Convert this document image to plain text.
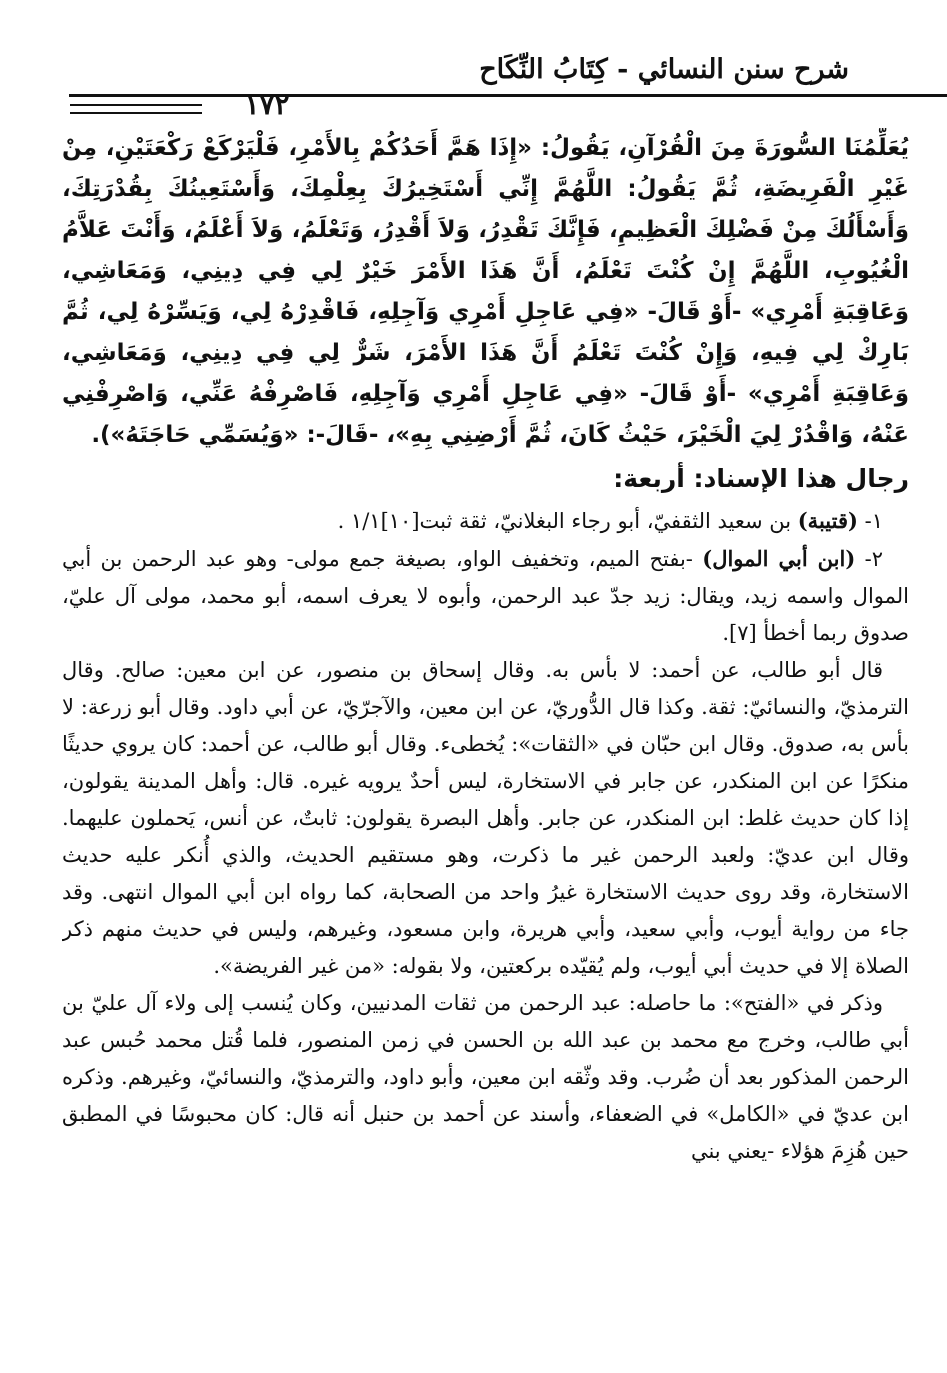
شرح سنن النسائي - كِتَابُ النِّكَاح
١٧٢

يُعَلِّمُنَا السُّورَةَ مِنَ الْقُرْآنِ، يَقُولُ: «إِذَا هَمَّ أَحَدُكُمْ بِالأَمْرِ، فَلْيَرْكَعْ رَكْعَتَيْنِ، مِنْ غَيْرِ الْفَرِيضَةِ، ثُمَّ يَقُولُ: اللَّهُمَّ إِنِّي أَسْتَخِيرُكَ بِعِلْمِكَ، وَأَسْتَعِينُكَ بِقُدْرَتِكَ، وَأَسْأَلُكَ مِنْ فَضْلِكَ الْعَظِيمِ، فَإِنَّكَ تَقْدِرُ، وَلاَ أَقْدِرُ، وَتَعْلَمُ، وَلاَ أَعْلَمُ، وَأَنْتَ عَلاَّمُ الْغُيُوبِ، اللَّهُمَّ إِنْ كُنْتَ تَعْلَمُ، أَنَّ هَذَا الأَمْرَ خَيْرٌ لِي فِي دِينِي، وَمَعَاشِي، وَعَاقِبَةِ أَمْرِي» -أَوْ قَالَ- «فِي عَاجِلِ أَمْرِي وَآجِلِهِ، فَاقْدِرْهُ لِي، وَيَسِّرْهُ لِي، ثُمَّ بَارِكْ لِي فِيهِ، وَإِنْ كُنْتَ تَعْلَمُ أَنَّ هَذَا الأَمْرَ، شَرٌّ لِي فِي دِينِي، وَمَعَاشِي، وَعَاقِبَةِ أَمْرِي» -أَوْ قَالَ- «فِي عَاجِلِ أَمْرِي وَآجِلِهِ، فَاصْرِفْهُ عَنِّي، وَاصْرِفْنِي عَنْهُ، وَاقْدُرْ لِيَ الْخَيْرَ، حَيْثُ كَانَ، ثُمَّ أَرْضِنِي بِهِ»، -قَالَ-: «وَيُسَمِّي حَاجَتَهُ»).

رجال هذا الإسناد: أربعة:

١- (قتيبة) بن سعيد الثقفيّ، أبو رجاء البغلانيّ، ثقة ثبت[١٠]١/١ .

٢- (ابن أبي الموال) -بفتح الميم، وتخفيف الواو، بصيغة جمع مولى- وهو عبد الرحمن بن أبي الموال واسمه زيد، ويقال: زيد جدّ عبد الرحمن، وأبوه لا يعرف اسمه، أبو محمد، مولى آل عليّ، صدوق ربما أخطأ [٧].

قال أبو طالب، عن أحمد: لا بأس به. وقال إسحاق بن منصور، عن ابن معين: صالح. وقال الترمذيّ، والنسائيّ: ثقة. وكذا قال الدُّوريّ، عن ابن معين، والآجرّيّ، عن أبي داود. وقال أبو زرعة: لا بأس به، صدوق. وقال ابن حبّان في «الثقات»: يُخطىء. وقال أبو طالب، عن أحمد: كان يروي حديثًا منكرًا عن ابن المنكدر، عن جابر في الاستخارة، ليس أحدٌ يرويه غيره. قال: وأهل المدينة يقولون، إذا كان حديث غلط: ابن المنكدر، عن جابر. وأهل البصرة يقولون: ثابتٌ، عن أنس، يَحملون عليهما. وقال ابن عديّ: ولعبد الرحمن غير ما ذكرت، وهو مستقيم الحديث، والذي أُنكر عليه حديث الاستخارة، وقد روى حديث الاستخارة غيرُ واحد من الصحابة، كما رواه ابن أبي الموال انتهى. وقد جاء من رواية أيوب، وأبي سعيد، وأبي هريرة، وابن مسعود، وغيرهم، وليس في حديث منهم ذكر الصلاة إلا في حديث أبي أيوب، ولم يُقيّده بركعتين، ولا بقوله: «من غير الفريضة».

وذكر في «الفتح»: ما حاصله: عبد الرحمن من ثقات المدنيين، وكان يُنسب إلى ولاء آل عليّ بن أبي طالب، وخرج مع محمد بن عبد الله بن الحسن في زمن المنصور، فلما قُتل محمد حُبس عبد الرحمن المذكور بعد أن ضُرب. وقد وثّقه ابن معين، وأبو داود، والترمذيّ، والنسائيّ، وغيرهم. وذكره ابن عديّ في «الكامل» في الضعفاء، وأسند عن أحمد بن حنبل أنه قال: كان محبوسًا في المطبق حين هُزِمَ هؤلاء -يعني بني
